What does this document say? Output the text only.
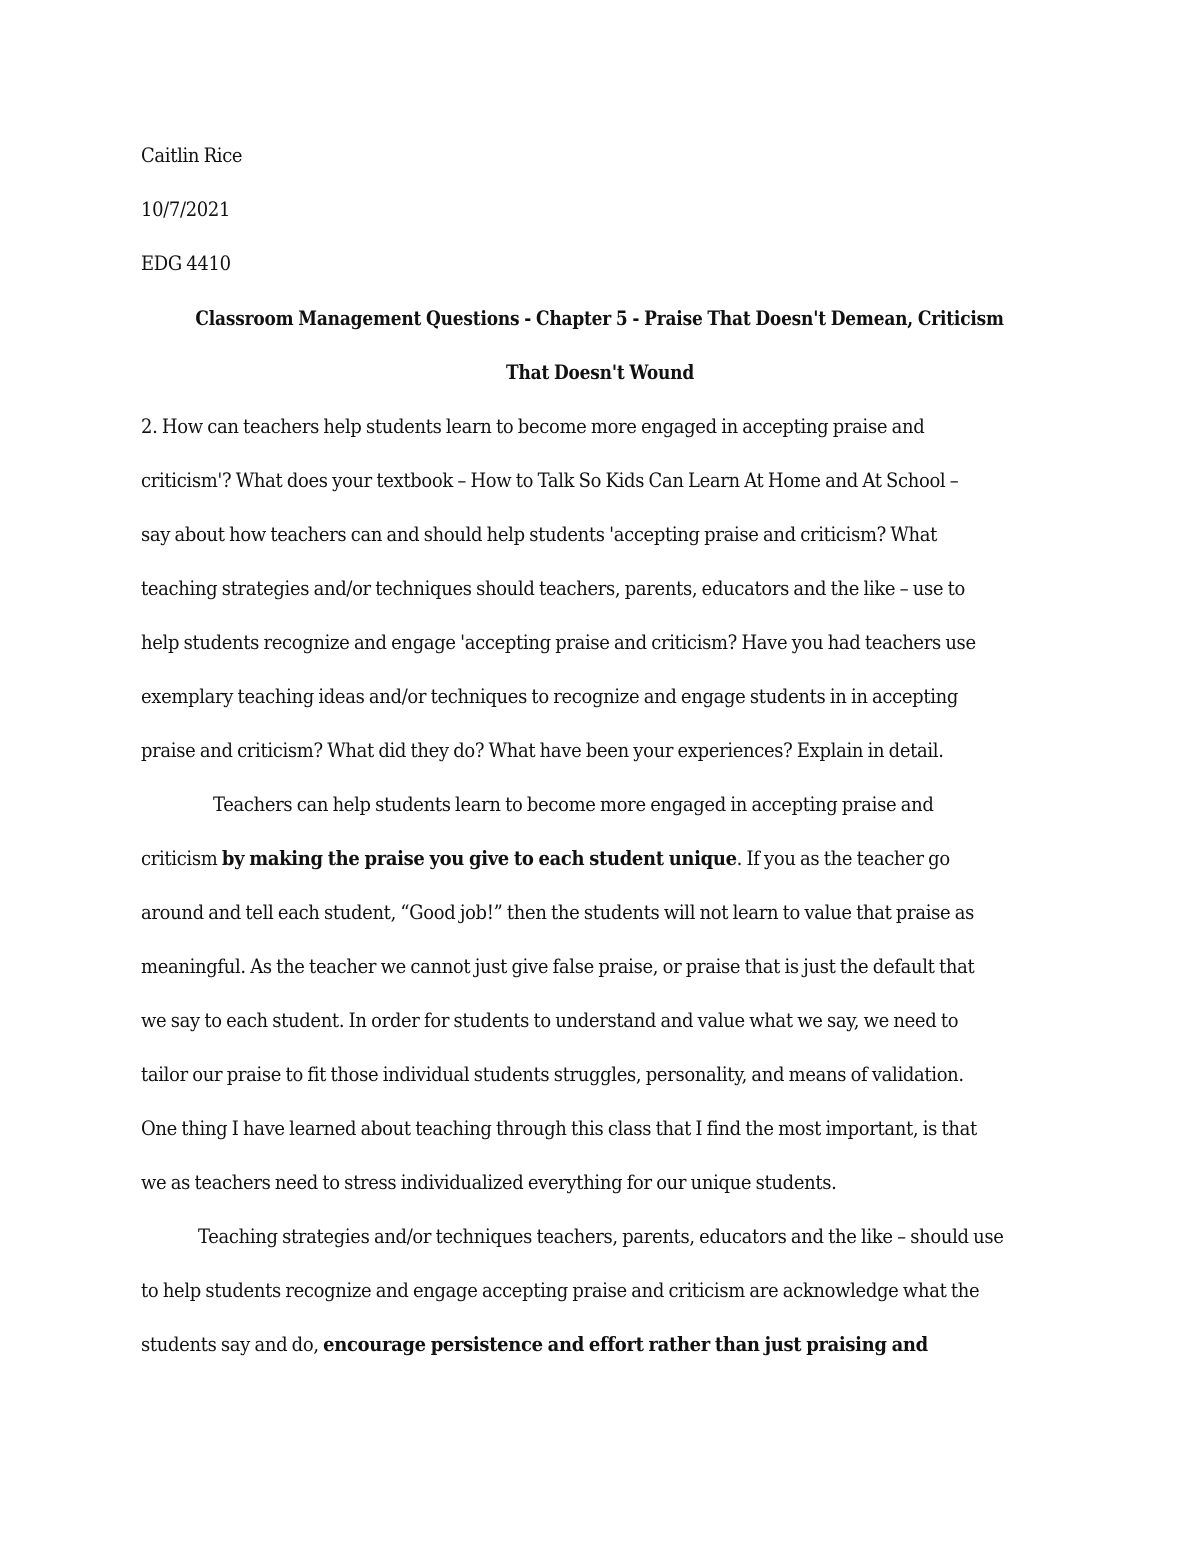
Caitlin Rice
10/7/2021
EDG 4410
Classroom Management Questions - Chapter 5 - Praise That Doesn't Demean, Criticism
That Doesn't Wound
2. How can teachers help students learn to become more engaged in accepting praise and
criticism'? What does your textbook – How to Talk So Kids Can Learn At Home and At School –
say about how teachers can and should help students 'accepting praise and criticism? What
teaching strategies and/or techniques should teachers, parents, educators and the like – use to
help students recognize and engage 'accepting praise and criticism? Have you had teachers use
exemplary teaching ideas and/or techniques to recognize and engage students in in accepting
praise and criticism? What did they do? What have been your experiences? Explain in detail.
Teachers can help students learn to become more engaged in accepting praise and
criticism by making the praise you give to each student unique. If you as the teacher go
around and tell each student, “Good job!” then the students will not learn to value that praise as
meaningful. As the teacher we cannot just give false praise, or praise that is just the default that
we say to each student. In order for students to understand and value what we say, we need to
tailor our praise to fit those individual students struggles, personality, and means of validation.
One thing I have learned about teaching through this class that I find the most important, is that
we as teachers need to stress individualized everything for our unique students.
Teaching strategies and/or techniques teachers, parents, educators and the like – should use
to help students recognize and engage accepting praise and criticism are acknowledge what the
students say and do, encourage persistence and effort rather than just praising and
